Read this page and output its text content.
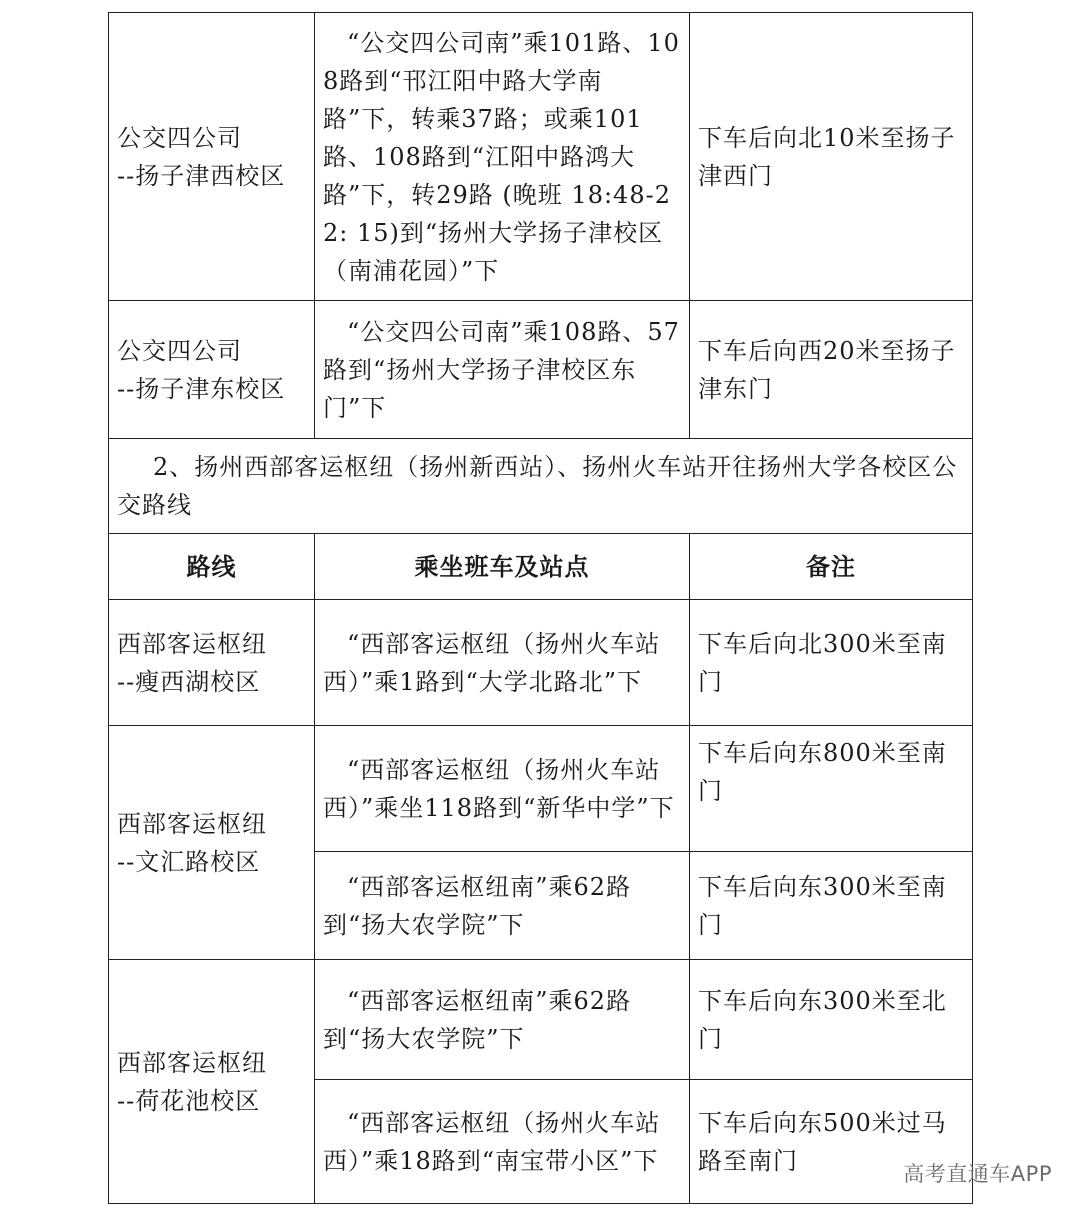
公交四公司
--扬子津西校区	“公交四公司南”乘101路、108路到“邗江阳中路大学南路”下，转乘37路；或乘101路、108路到“江阳中路鸿大路”下，转29路 (晚班 18:48-22: 15)到“扬州大学扬子津校区（南浦花园）”下	下车后向北10米至扬子津西门

公交四公司
--扬子津东校区	“公交四公司南”乘108路、57路到“扬州大学扬子津校区东门”下	下车后向西20米至扬子津东门
2、扬州西部客运枢纽（扬州新西站）、扬州火车站开往扬州大学各校区公交路线		
路线	乘坐班车及站点	备注

西部客运枢纽
--瘦西湖校区	“西部客运枢纽（扬州火车站西）”乘1路到“大学北路北”下	下车后向北300米至南门

西部客运枢纽
--文汇路校区	“西部客运枢纽（扬州火车站西）”乘坐118路到“新华中学”下	下车后向东800米至南门
	“西部客运枢纽南”乘62路到“扬大农学院”下	下车后向东300米至南门

西部客运枢纽
--荷花池校区	“西部客运枢纽南”乘62路到“扬大农学院”下	下车后向东300米至北门
	“西部客运枢纽（扬州火车站西）”乘18路到“南宝带小区”下	下车后向东500米过马路至南门	高考直通车APP
